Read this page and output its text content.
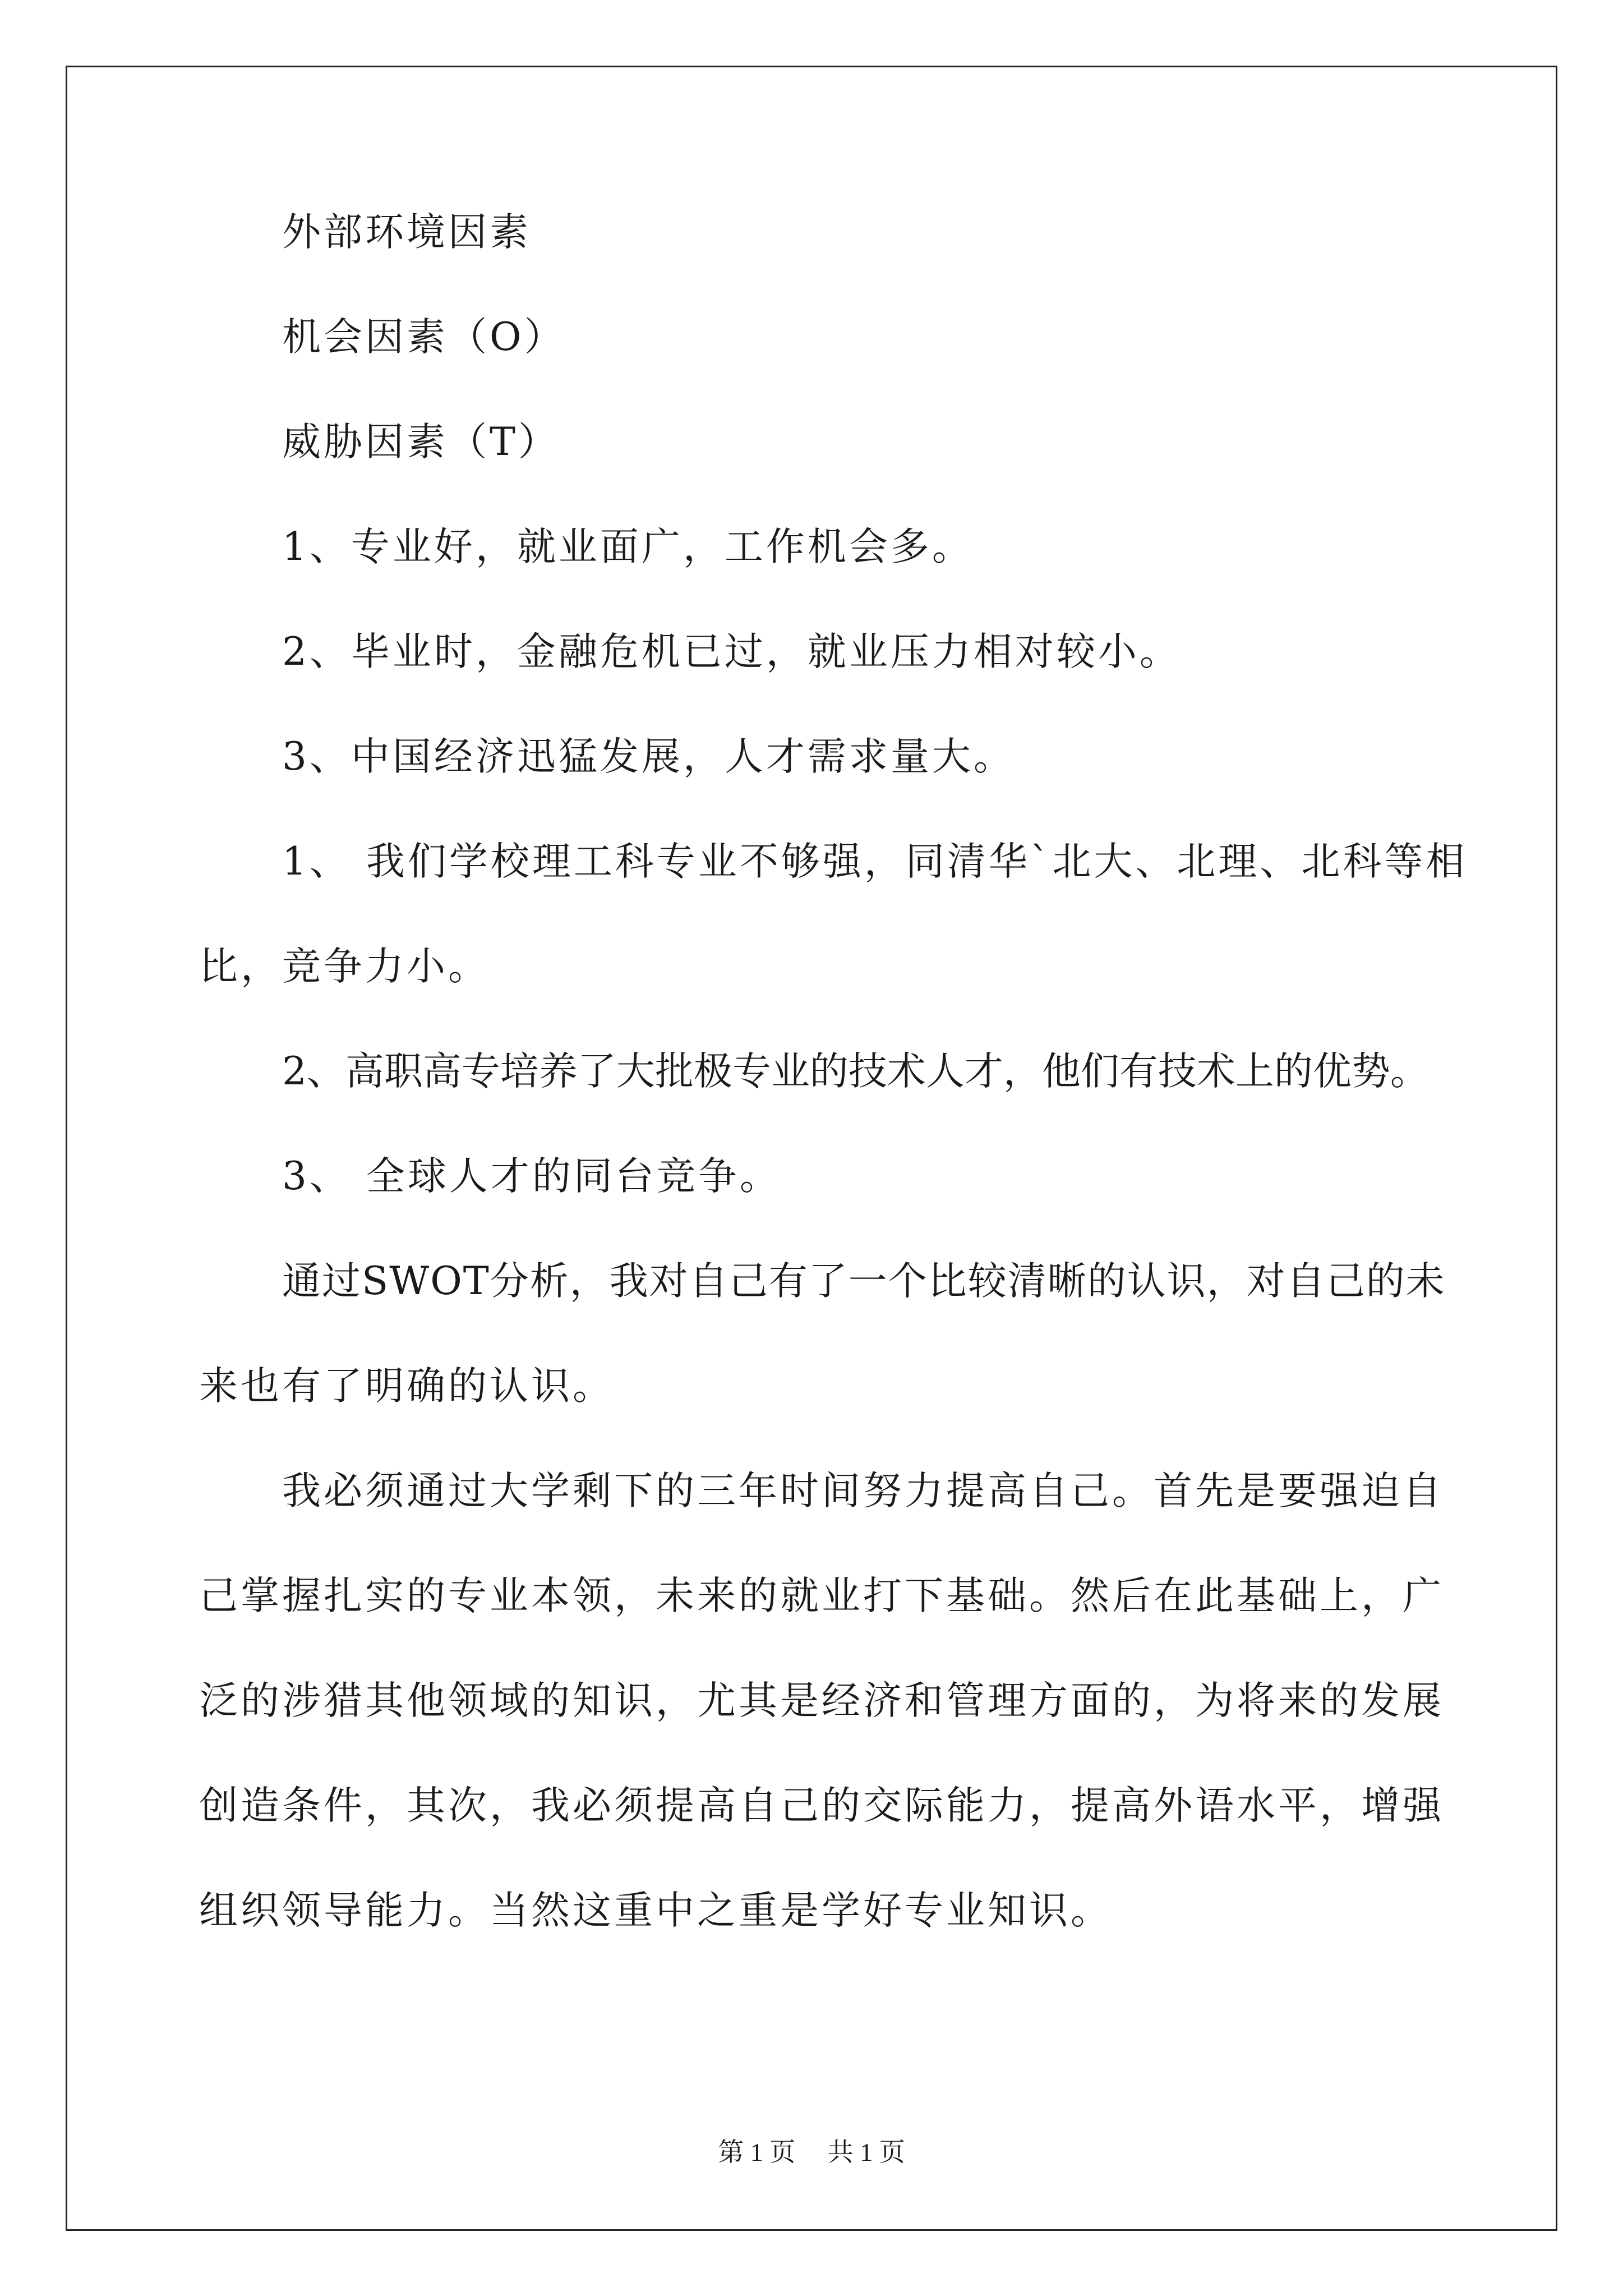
外部环境因素
机会因素（O）
威胁因素（T）
1、专业好，就业面广，工作机会多。
2、毕业时，金融危机已过，就业压力相对较小。
3、中国经济迅猛发展，人才需求量大。
1、 我们学校理工科专业不够强，同清华`北大、北理、北科等相
比，竞争力小。
2、高职高专培养了大批极专业的技术人才，他们有技术上的优势。
3、 全球人才的同台竞争。
通过SWOT分析，我对自己有了一个比较清晰的认识，对自己的未
来也有了明确的认识。
我必须通过大学剩下的三年时间努力提高自己。首先是要强迫自
己掌握扎实的专业本领，未来的就业打下基础。然后在此基础上，广
泛的涉猎其他领域的知识，尤其是经济和管理方面的，为将来的发展
创造条件，其次，我必须提高自己的交际能力，提高外语水平，增强
组织领导能力。当然这重中之重是学好专业知识。
第 1 页　 共 1 页
